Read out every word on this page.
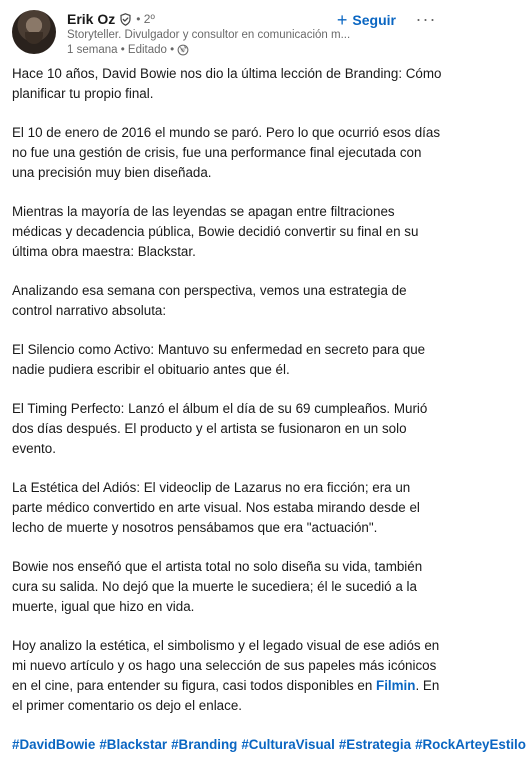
Erik Oz • 2º
Storyteller. Divulgador y consultor en comunicación m...
1 semana • Editado •
+ Seguir ···

Hace 10 años, David Bowie nos dio la última lección de Branding: Cómo planificar tu propio final.

El 10 de enero de 2016 el mundo se paró. Pero lo que ocurrió esos días no fue una gestión de crisis, fue una performance final ejecutada con una precisión muy bien diseñada.

Mientras la mayoría de las leyendas se apagan entre filtraciones médicas y decadencia pública, Bowie decidió convertir su final en su última obra maestra: Blackstar.

Analizando esa semana con perspectiva, vemos una estrategia de control narrativo absoluta:

El Silencio como Activo: Mantuvo su enfermedad en secreto para que nadie pudiera escribir el obituario antes que él.

El Timing Perfecto: Lanzó el álbum el día de su 69 cumpleaños. Murió dos días después. El producto y el artista se fusionaron en un solo evento.

La Estética del Adiós: El videoclip de Lazarus no era ficción; era un parte médico convertido en arte visual. Nos estaba mirando desde el lecho de muerte y nosotros pensábamos que era "actuación".

Bowie nos enseñó que el artista total no solo diseña su vida, también cura su salida. No dejó que la muerte le sucediera; él le sucedió a la muerte, igual que hizo en vida.

Hoy analizo la estética, el simbolismo y el legado visual de ese adiós en mi nuevo artículo y os hago una selección de sus papeles más icónicos en el cine, para entender su figura, casi todos disponibles en Filmin. En el primer comentario os dejo el enlace.

#DavidBowie #Blackstar #Branding #CulturaVisual #Estrategia #RockArteyEstilo
